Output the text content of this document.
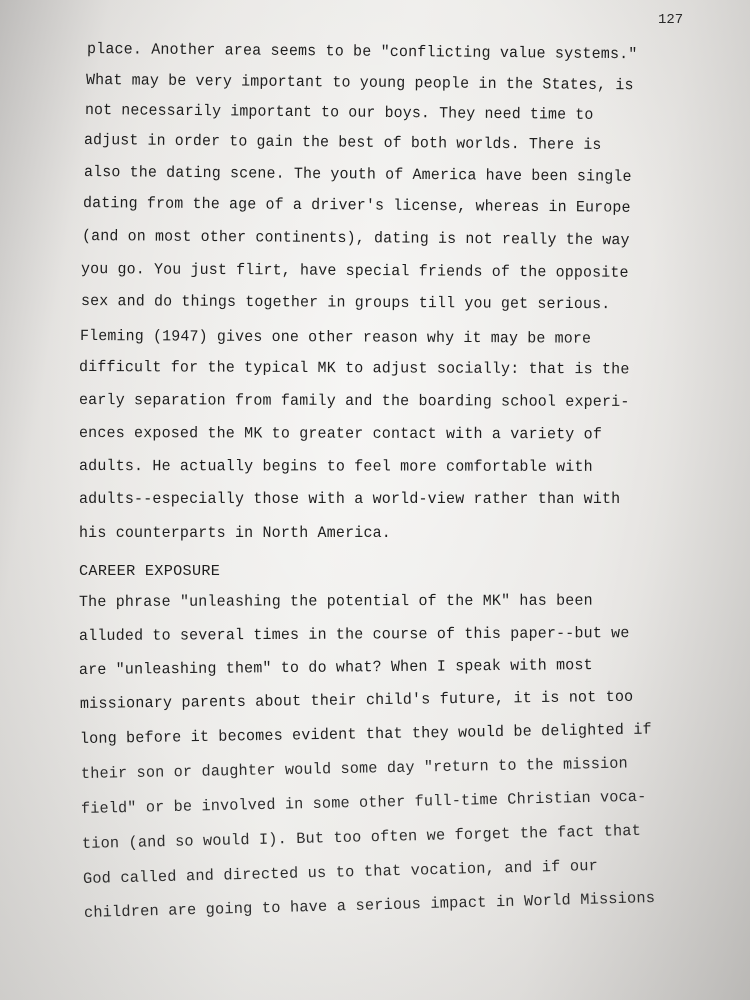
127
place. Another area seems to be "conflicting value systems."
What may be very important to young people in the States, is
not necessarily important to our boys. They need time to
adjust in order to gain the best of both worlds. There is
also the dating scene. The youth of America have been single
dating from the age of a driver's license, whereas in Europe
(and on most other continents), dating is not really the way
you go. You just flirt, have special friends of the opposite
sex and do things together in groups till you get serious.
Fleming (1947) gives one other reason why it may be more
difficult for the typical MK to adjust socially: that is the
early separation from family and the boarding school experi-
ences exposed the MK to greater contact with a variety of
adults. He actually begins to feel more comfortable with
adults--especially those with a world-view rather than with
his counterparts in North America.
CAREER EXPOSURE
The phrase "unleashing the potential of the MK" has been
alluded to several times in the course of this paper--but we
are "unleashing them" to do what? When I speak with most
missionary parents about their child's future, it is not too
long before it becomes evident that they would be delighted if
their son or daughter would some day "return to the mission
field" or be involved in some other full-time Christian voca-
tion (and so would I). But too often we forget the fact that
God called and directed us to that vocation, and if our
children are going to have a serious impact in World Missions
